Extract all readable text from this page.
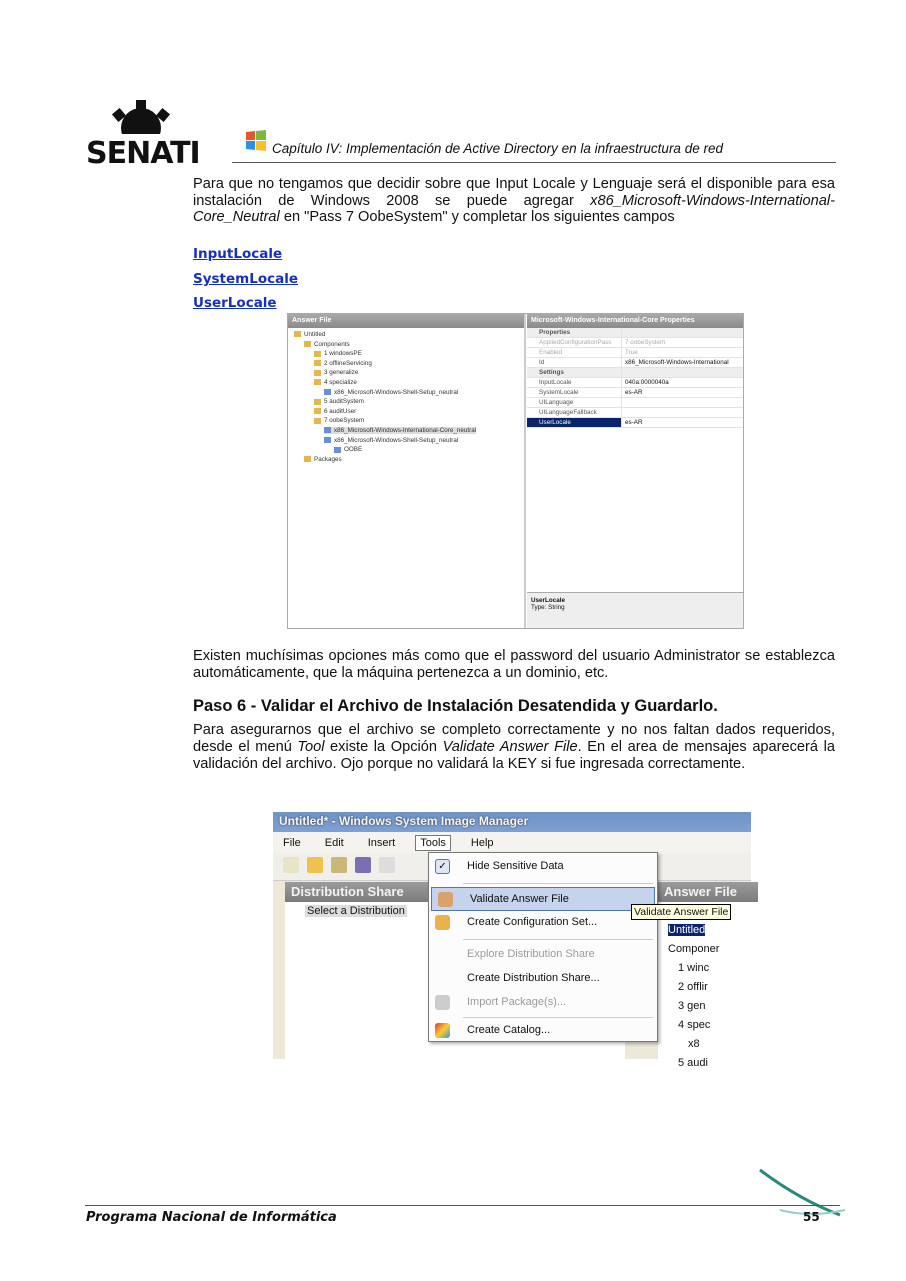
SENATI	Capítulo IV: Implementación de Active Directory en la infraestructura de red

Para que no tengamos que decidir sobre que Input Locale y Lenguaje será el disponible para esa instalación de Windows 2008 se puede agregar x86_Microsoft-Windows-International-Core_Neutral en "Pass 7 OobeSystem" y completar los siguientes campos

InputLocale
SystemLocale
UserLocale
Answer File
Untitled
Components
1 windowsPE
2 offlineServicing
3 generalize
4 specialize
x86_Microsoft-Windows-Shell-Setup_neutral
5 auditSystem
6 auditUser
7 oobeSystem
x86_Microsoft-Windows-International-Core_neutral
x86_Microsoft-Windows-Shell-Setup_neutral
OOBE
Packages
Microsoft-Windows-International-Core Properties
Properties
AppliedConfigurationPass	7 oobeSystem
Enabled	True
Id	x86_Microsoft-Windows-International
Settings
InputLocale	040a:0000040a
SystemLocale	es-AR
UILanguage
UILanguageFallback
UserLocale	es-AR
UserLocale
Type: String

Existen muchísimas opciones más como que el password del usuario Administrator se establezca automáticamente, que la máquina pertenezca a un dominio, etc.

Paso 6 - Validar el Archivo de Instalación Desatendida y Guardarlo.

Para asegurarnos que el archivo se completo correctamente y no nos faltan dados requeridos, desde el menú Tool existe la Opción Validate Answer File. En el area de mensajes aparecerá la validación del archivo. Ojo porque no validará la KEY si fue ingresada correctamente.

Untitled* - Windows System Image Manager
File	Edit	Insert	Tools	Help
Distribution Share
Select a Distribution
Answer File
Untitled
Componer
1 winc
2 offlir
3 gen
4 spec
x8
5 audi
✓	Hide Sensitive Data
Validate Answer File
Create Configuration Set...
Explore Distribution Share
Create Distribution Share...
Import Package(s)...
Create Catalog...
Validate Answer File
Programa Nacional de Informática	55
